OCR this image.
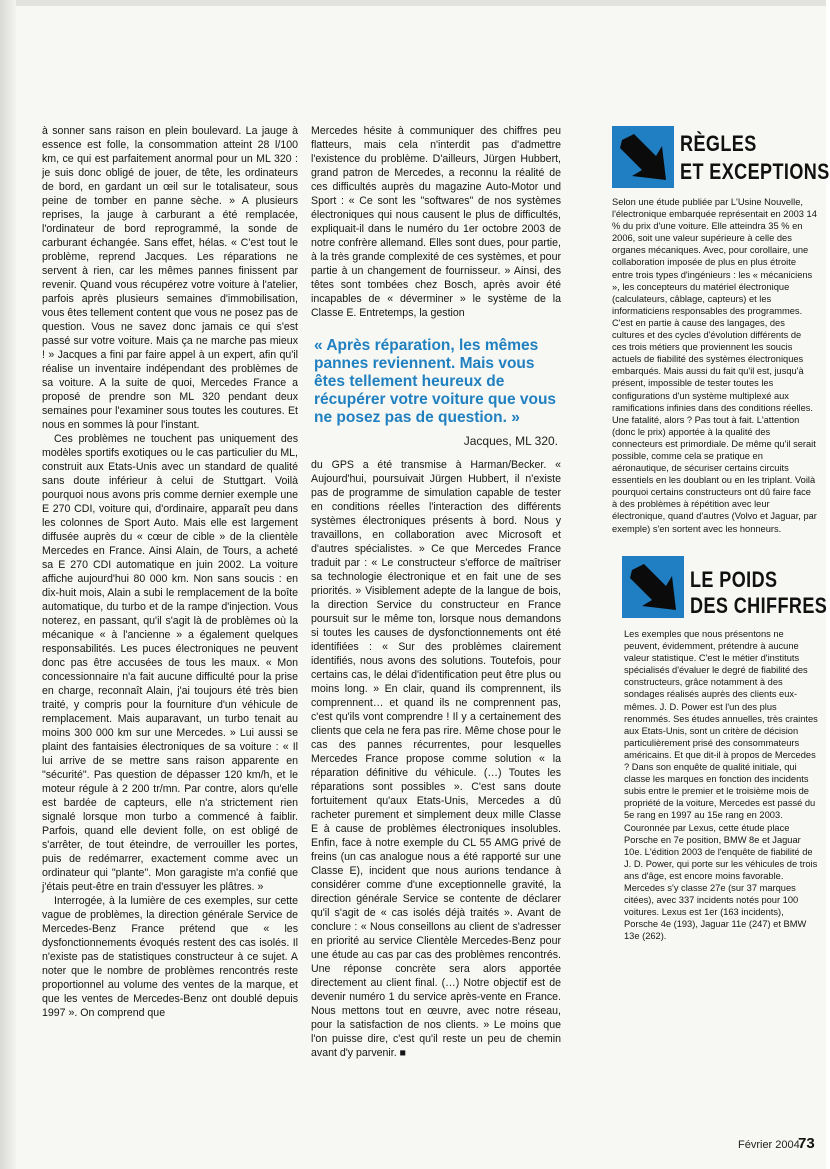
à sonner sans raison en plein boulevard. La jauge à essence est folle, la consommation atteint 28 l/100 km, ce qui est parfaitement anormal pour un ML 320 : je suis donc obligé de jouer, de tête, les ordinateurs de bord, en gardant un œil sur le totalisateur, sous peine de tomber en panne sèche. » A plusieurs reprises, la jauge à carburant a été remplacée, l'ordinateur de bord reprogrammé, la sonde de carburant échangée. Sans effet, hélas. « C'est tout le problème, reprend Jacques. Les réparations ne servent à rien, car les mêmes pannes finissent par revenir. Quand vous récupérez votre voiture à l'atelier, parfois après plusieurs semaines d'immobilisation, vous êtes tellement content que vous ne posez pas de question. Vous ne savez donc jamais ce qui s'est passé sur votre voiture. Mais ça ne marche pas mieux ! » Jacques a fini par faire appel à un expert, afin qu'il réalise un inventaire indépendant des problèmes de sa voiture. A la suite de quoi, Mercedes France a proposé de prendre son ML 320 pendant deux semaines pour l'examiner sous toutes les coutures. Et nous en sommes là pour l'instant.

Ces problèmes ne touchent pas uniquement des modèles sportifs exotiques ou le cas particulier du ML, construit aux Etats-Unis avec un standard de qualité sans doute inférieur à celui de Stuttgart. Voilà pourquoi nous avons pris comme dernier exemple une E 270 CDI, voiture qui, d'ordinaire, apparaît peu dans les colonnes de Sport Auto. Mais elle est largement diffusée auprès du « cœur de cible » de la clientèle Mercedes en France. Ainsi Alain, de Tours, a acheté sa E 270 CDI automatique en juin 2002. La voiture affiche aujourd'hui 80 000 km. Non sans soucis : en dix-huit mois, Alain a subi le remplacement de la boîte automatique, du turbo et de la rampe d'injection. Vous noterez, en passant, qu'il s'agit là de problèmes où la mécanique « à l'ancienne » a également quelques responsabilités. Les puces électroniques ne peuvent donc pas être accusées de tous les maux. « Mon concessionnaire n'a fait aucune difficulté pour la prise en charge, reconnaît Alain, j'ai toujours été très bien traité, y compris pour la fourniture d'un véhicule de remplacement. Mais auparavant, un turbo tenait au moins 300 000 km sur une Mercedes. » Lui aussi se plaint des fantaisies électroniques de sa voiture : « Il lui arrive de se mettre sans raison apparente en "sécurité". Pas question de dépasser 120 km/h, et le moteur régule à 2 200 tr/mn. Par contre, alors qu'elle est bardée de capteurs, elle n'a strictement rien signalé lorsque mon turbo a commencé à faiblir. Parfois, quand elle devient folle, on est obligé de s'arrêter, de tout éteindre, de verrouiller les portes, puis de redémarrer, exactement comme avec un ordinateur qui "plante". Mon garagiste m'a confié que j'étais peut-être en train d'essuyer les plâtres. »

Interrogée, à la lumière de ces exemples, sur cette vague de problèmes, la direction générale Service de Mercedes-Benz France prétend que « les dysfonctionnements évoqués restent des cas isolés. Il n'existe pas de statistiques constructeur à ce sujet. A noter que le nombre de problèmes rencontrés reste proportionnel au volume des ventes de la marque, et que les ventes de Mercedes-Benz ont doublé depuis 1997 ». On comprend que

Mercedes hésite à communiquer des chiffres peu flatteurs, mais cela n'interdit pas d'admettre l'existence du problème. D'ailleurs, Jürgen Hubbert, grand patron de Mercedes, a reconnu la réalité de ces difficultés auprès du magazine Auto-Motor und Sport : « Ce sont les "softwares" de nos systèmes électroniques qui nous causent le plus de difficultés, expliquait-il dans le numéro du 1er octobre 2003 de notre confrère allemand. Elles sont dues, pour partie, à la très grande complexité de ces systèmes, et pour partie à un changement de fournisseur. » Ainsi, des têtes sont tombées chez Bosch, après avoir été incapables de « déverminer » le système de la Classe E. Entretemps, la gestion

« Après réparation, les mêmes pannes reviennent. Mais vous êtes tellement heureux de récupérer votre voiture que vous ne posez pas de question. »

Jacques, ML 320.

du GPS a été transmise à Harman/Becker. « Aujourd'hui, poursuivait Jürgen Hubbert, il n'existe pas de programme de simulation capable de tester en conditions réelles l'interaction des différents systèmes électroniques présents à bord. Nous y travaillons, en collaboration avec Microsoft et d'autres spécialistes. » Ce que Mercedes France traduit par : « Le constructeur s'efforce de maîtriser sa technologie électronique et en fait une de ses priorités. » Visiblement adepte de la langue de bois, la direction Service du constructeur en France poursuit sur le même ton, lorsque nous demandons si toutes les causes de dysfonctionnements ont été identifiées : « Sur des problèmes clairement identifiés, nous avons des solutions. Toutefois, pour certains cas, le délai d'identification peut être plus ou moins long. » En clair, quand ils comprennent, ils comprennent… et quand ils ne comprennent pas, c'est qu'ils vont comprendre ! Il y a certainement des clients que cela ne fera pas rire. Même chose pour le cas des pannes récurrentes, pour lesquelles Mercedes France propose comme solution « la réparation définitive du véhicule. (…) Toutes les réparations sont possibles ». C'est sans doute fortuitement qu'aux Etats-Unis, Mercedes a dû racheter purement et simplement deux mille Classe E à cause de problèmes électroniques insolubles. Enfin, face à notre exemple du CL 55 AMG privé de freins (un cas analogue nous a été rapporté sur une Classe E), incident que nous aurions tendance à considérer comme d'une exceptionnelle gravité, la direction générale Service se contente de déclarer qu'il s'agit de « cas isolés déjà traités ». Avant de conclure : « Nous conseillons au client de s'adresser en priorité au service Clientèle Mercedes-Benz pour une étude au cas par cas des problèmes rencontrés. Une réponse concrète sera alors apportée directement au client final. (…) Notre objectif est de devenir numéro 1 du service après-vente en France. Nous mettons tout en œuvre, avec notre réseau, pour la satisfaction de nos clients. » Le moins que l'on puisse dire, c'est qu'il reste un peu de chemin avant d'y parvenir. ■

RÈGLES
ET EXCEPTIONS

Selon une étude publiée par L'Usine Nouvelle, l'électronique embarquée représentait en 2003 14 % du prix d'une voiture. Elle atteindra 35 % en 2006, soit une valeur supérieure à celle des organes mécaniques. Avec, pour corollaire, une collaboration imposée de plus en plus étroite entre trois types d'ingénieurs : les « mécaniciens », les concepteurs du matériel électronique (calculateurs, câblage, capteurs) et les informaticiens responsables des programmes. C'est en partie à cause des langages, des cultures et des cycles d'évolution différents de ces trois métiers que proviennent les soucis actuels de fiabilité des systèmes électroniques embarqués. Mais aussi du fait qu'il est, jusqu'à présent, impossible de tester toutes les configurations d'un système multiplexé aux ramifications infinies dans des conditions réelles. Une fatalité, alors ? Pas tout à fait. L'attention (donc le prix) apportée à la qualité des connecteurs est primordiale. De même qu'il serait possible, comme cela se pratique en aéronautique, de sécuriser certains circuits essentiels en les doublant ou en les triplant. Voilà pourquoi certains constructeurs ont dû faire face à des problèmes à répétition avec leur électronique, quand d'autres (Volvo et Jaguar, par exemple) s'en sortent avec les honneurs.

LE POIDS
DES CHIFFRES

Les exemples que nous présentons ne peuvent, évidemment, prétendre à aucune valeur statistique. C'est le métier d'instituts spécialisés d'évaluer le degré de fiabilité des constructeurs, grâce notamment à des sondages réalisés auprès des clients eux-mêmes. J. D. Power est l'un des plus renommés. Ses études annuelles, très craintes aux Etats-Unis, sont un critère de décision particulièrement prisé des consommateurs américains. Et que dit-il à propos de Mercedes ? Dans son enquête de qualité initiale, qui classe les marques en fonction des incidents subis entre le premier et le troisième mois de propriété de la voiture, Mercedes est passé du 5e rang en 1997 au 15e rang en 2003. Couronnée par Lexus, cette étude place Porsche en 7e position, BMW 8e et Jaguar 10e. L'édition 2003 de l'enquête de fiabilité de J. D. Power, qui porte sur les véhicules de trois ans d'âge, est encore moins favorable. Mercedes s'y classe 27e (sur 37 marques citées), avec 337 incidents notés pour 100 voitures. Lexus est 1er (163 incidents), Porsche 4e (193), Jaguar 11e (247) et BMW 13e (262).

Février 2004
73
